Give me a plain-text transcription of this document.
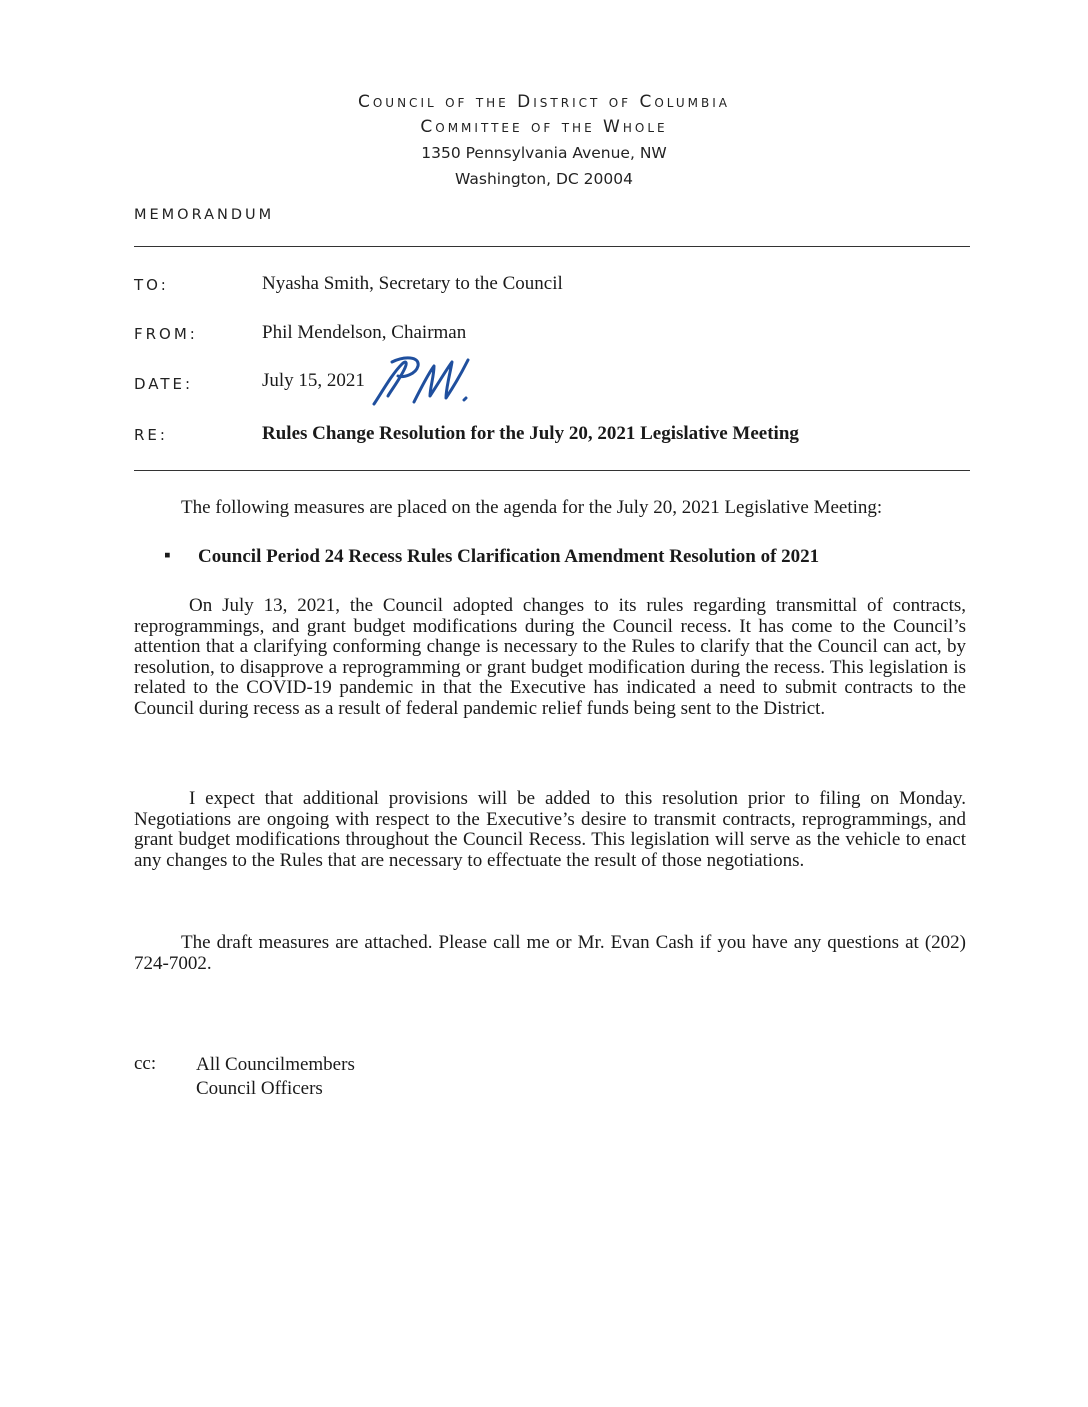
Council of the District of Columbia
Committee of the Whole
1350 Pennsylvania Avenue, NW
Washington, DC 20004
MEMORANDUM
TO:	Nyasha Smith, Secretary to the Council
FROM:	Phil Mendelson, Chairman
DATE:	July 15, 2021
RE:	Rules Change Resolution for the July 20, 2021 Legislative Meeting
The following measures are placed on the agenda for the July 20, 2021 Legislative Meeting:
▪ Council Period 24 Recess Rules Clarification Amendment Resolution of 2021
On July 13, 2021, the Council adopted changes to its rules regarding transmittal of contracts, reprogrammings, and grant budget modifications during the Council recess. It has come to the Council’s attention that a clarifying conforming change is necessary to the Rules to clarify that the Council can act, by resolution, to disapprove a reprogramming or grant budget modification during the recess. This legislation is related to the COVID-19 pandemic in that the Executive has indicated a need to submit contracts to the Council during recess as a result of federal pandemic relief funds being sent to the District.
I expect that additional provisions will be added to this resolution prior to filing on Monday. Negotiations are ongoing with respect to the Executive’s desire to transmit contracts, reprogrammings, and grant budget modifications throughout the Council Recess. This legislation will serve as the vehicle to enact any changes to the Rules that are necessary to effectuate the result of those negotiations.
The draft measures are attached. Please call me or Mr. Evan Cash if you have any questions at (202) 724-7002.
cc: All Councilmembers
Council Officers
